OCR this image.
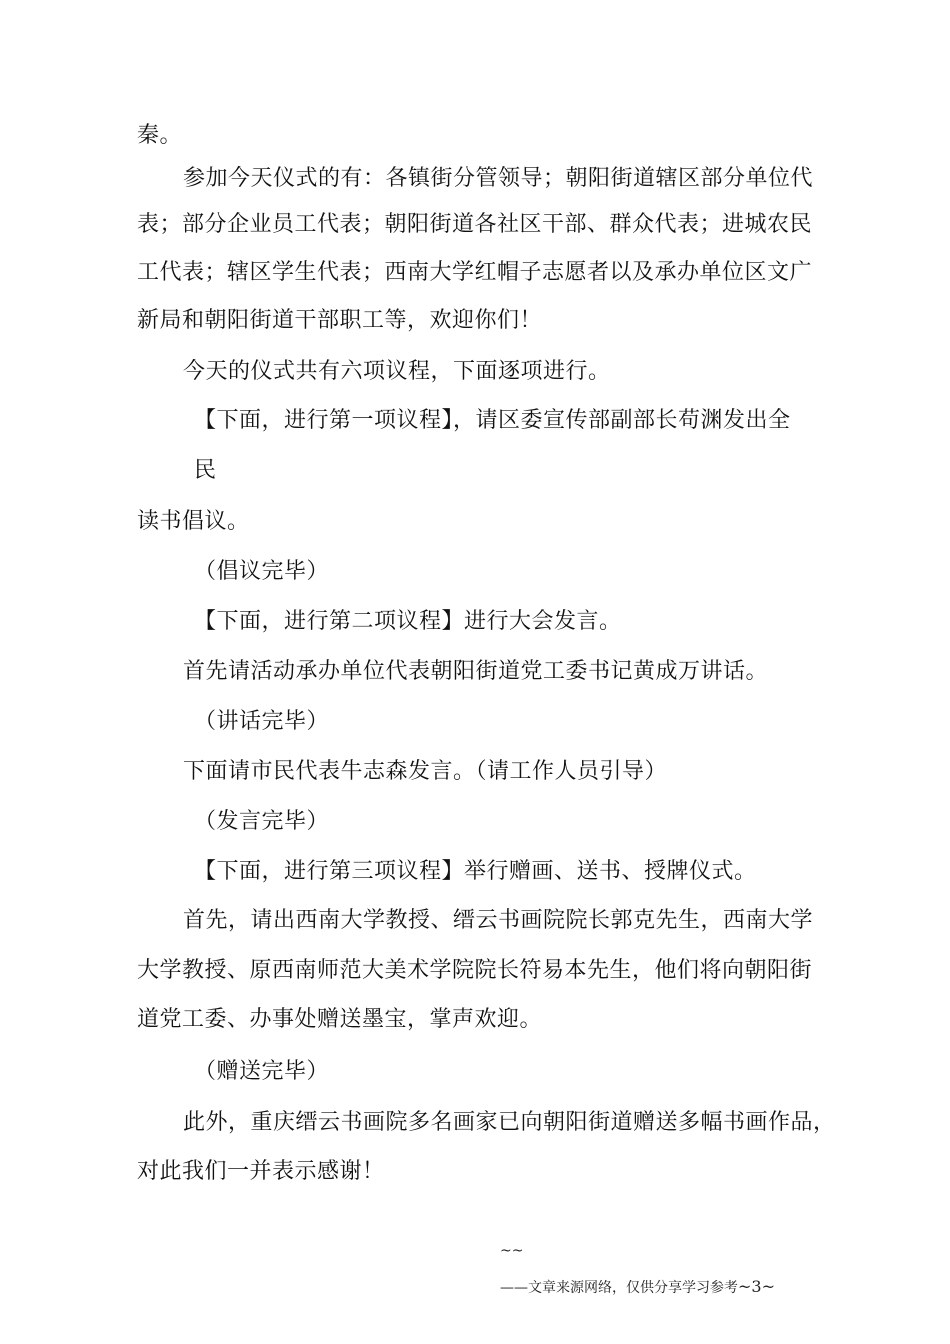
秦。

参加今天仪式的有：各镇街分管领导；朝阳街道辖区部分单位代

表；部分企业员工代表；朝阳街道各社区干部、群众代表；进城农民

工代表；辖区学生代表；西南大学红帽子志愿者以及承办单位区文广

新局和朝阳街道干部职工等，欢迎你们！

今天的仪式共有六项议程，下面逐项进行。

【下面，进行第一项议程】，请区委宣传部副部长苟渊发出全

民

读书倡议。

（倡议完毕）

【下面，进行第二项议程】进行大会发言。

首先请活动承办单位代表朝阳街道党工委书记黄成万讲话。

（讲话完毕）

下面请市民代表牛志森发言。（请工作人员引导）

（发言完毕）

【下面，进行第三项议程】举行赠画、送书、授牌仪式。

首先，请出西南大学教授、缙云书画院院长郭克先生，西南大学

大学教授、原西南师范大美术学院院长符易本先生，他们将向朝阳街

道党工委、办事处赠送墨宝，掌声欢迎。

（赠送完毕）

此外，重庆缙云书画院多名画家已向朝阳街道赠送多幅书画作品，

对此我们一并表示感谢！

~~
——文章来源网络，仅供分享学习参考~3~
